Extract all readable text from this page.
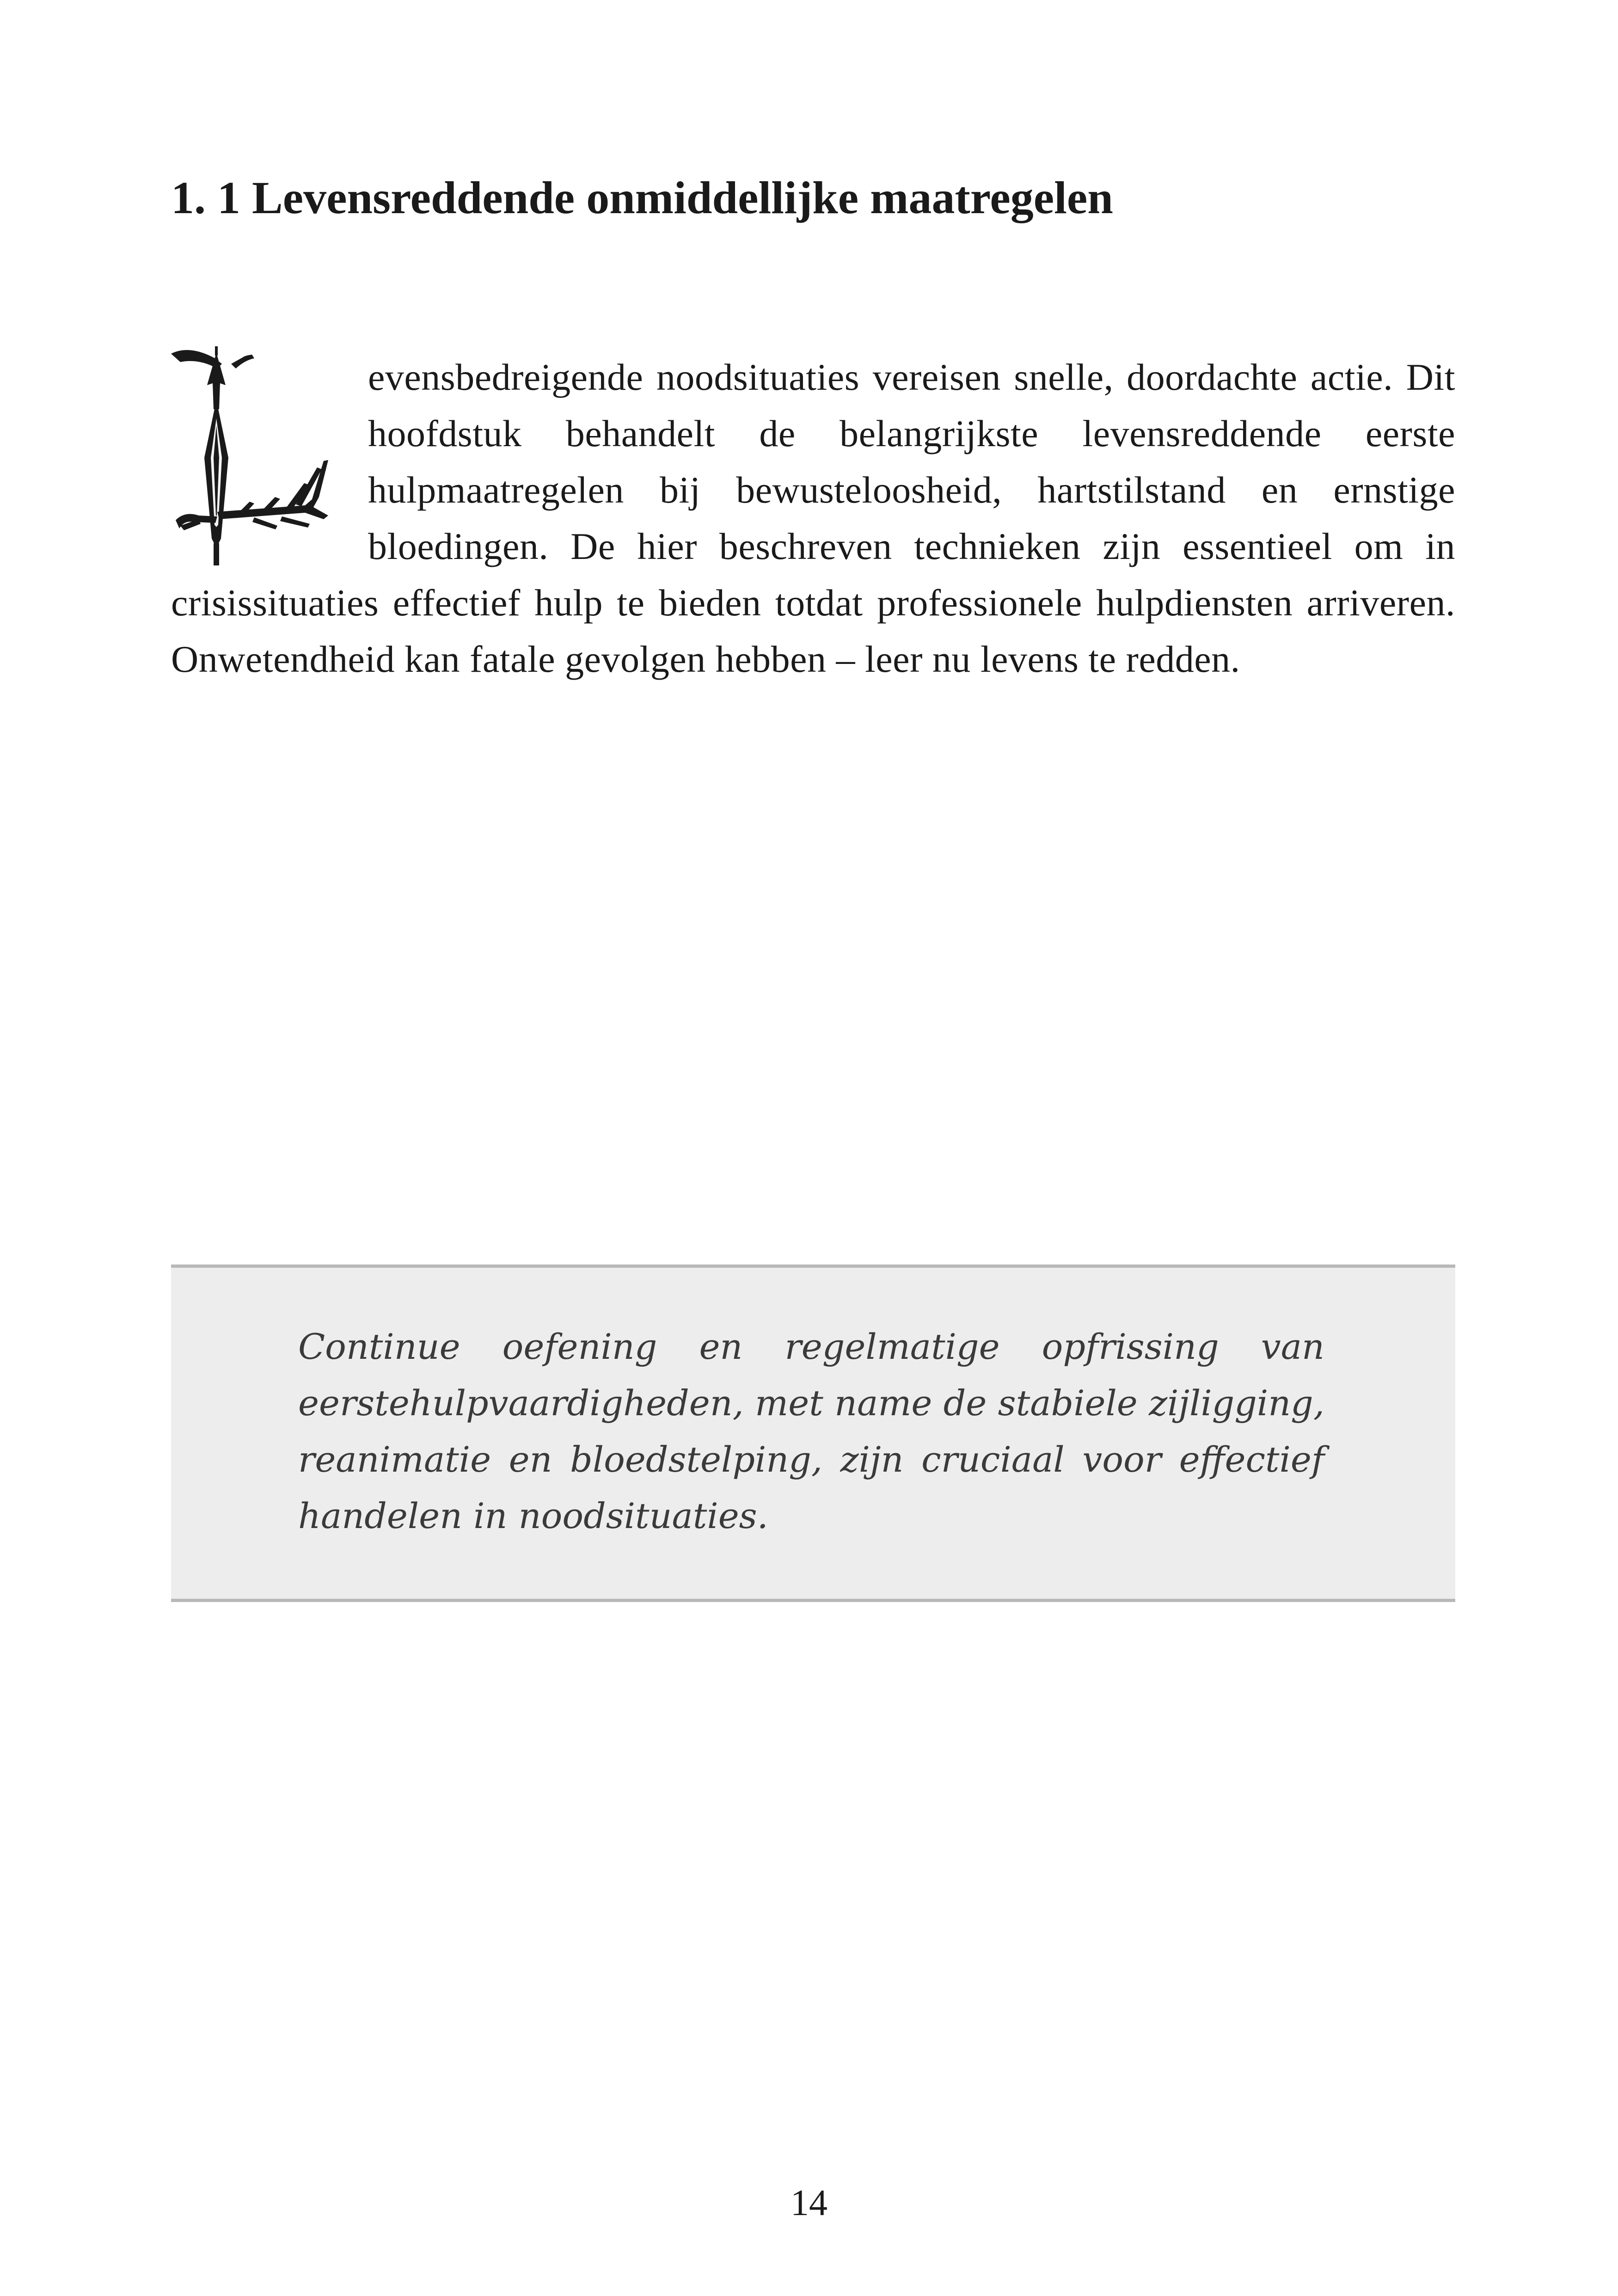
1. 1 Levensreddende onmiddellijke maatregelen

evensbedreigende noodsituaties vereisen snelle, doordachte actie. Dit hoofdstuk behandelt de belangrijkste levensreddende eerste hulpmaatregelen bij bewusteloosheid, hartstilstand en ernstige bloedingen. De hier beschreven technieken zijn essentieel om in crisissituaties effectief hulp te bieden totdat professionele hulpdiensten arriveren. Onwetendheid kan fatale gevolgen hebben – leer nu levens te redden.

Continue oefening en regelmatige opfrissing van eerstehulpvaardigheden, met name de stabiele zijligging, reanimatie en bloedstelping, zijn cruciaal voor effectief handelen in noodsituaties.

14
